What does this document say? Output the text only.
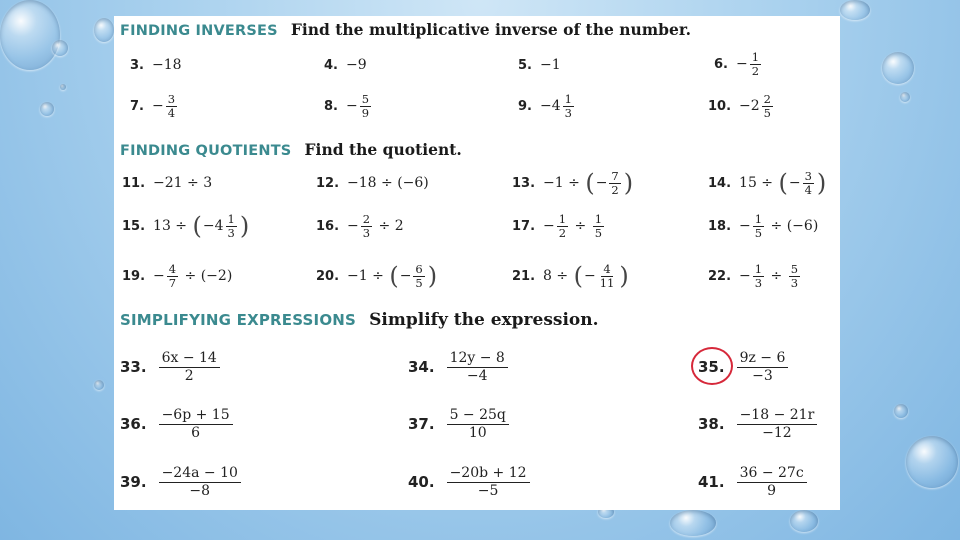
FINDING INVERSES Find the multiplicative inverse of the number.
3. −18	4. −9	5. −1	6. − $\frac{1}{2}$
7. − $\frac{3}{4}$	8. − $\frac{5}{9}$	9. $-4 \frac{1}{3}$	10. $-2 \frac{2}{5}$
FINDING QUOTIENTS Find the quotient.
11. −21 ÷ 3	12. −18 ÷ (−6)	13. −1 ÷ ( − $\frac{7}{2}$ )	14. 15 ÷ ( − $\frac{3}{4}$ )
15. 13 ÷ ( $-4 \frac{1}{3}$ )	16. − $\frac{2}{3} \div 2$	17. − $\frac{1}{2} \div \frac{1}{5}$	18. − $\frac{1}{5} \div (-6)$
19. − $\frac{4}{7} \div (-2)$	20. −1 ÷ ( − $\frac{6}{5}$ )	21. 8 ÷ ( − $\frac{4}{11}$ )	22. − $\frac{1}{3} \div \frac{5}{3}$
SIMPLIFYING EXPRESSIONS Simplify the expression.
33. $\frac{6x - 14}{2}$	34. $\frac{12y - 8}{-4}$	35. $\frac{9z - 6}{-3}$
36. $\frac{-6p + 15}{6}$	37. $\frac{5 - 25q}{10}$	38. $\frac{-18 - 21r}{-12}$
39. $\frac{-24a - 10}{-8}$	40. $\frac{-20b + 12}{-5}$	41. $\frac{36 - 27c}{9}$
